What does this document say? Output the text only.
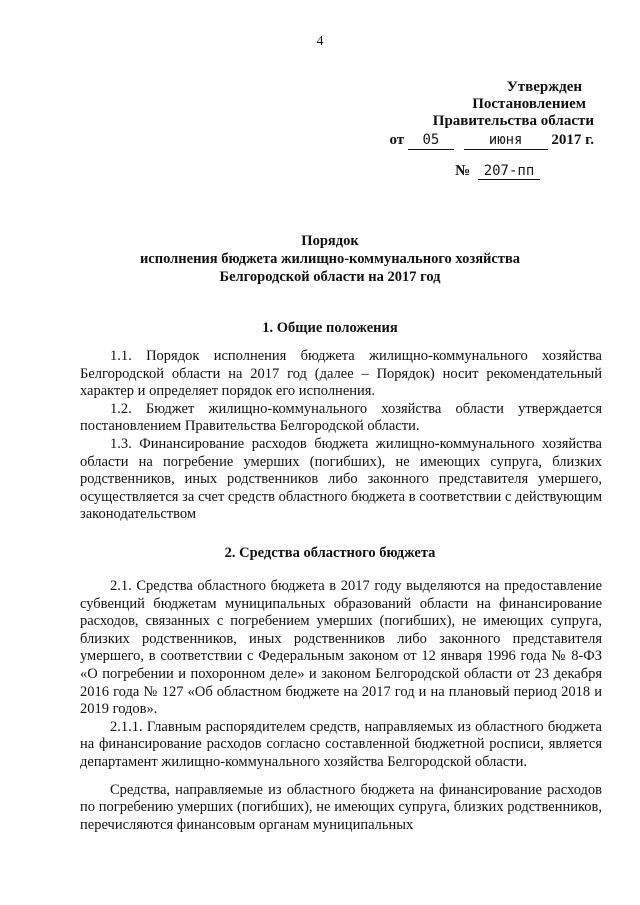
4
Утвержден
Постановлением
Правительства области
от 05	июня 2017 г.
№ 207-пп
Порядок
исполнения бюджета жилищно-коммунального хозяйства
Белгородской области на 2017 год
1. Общие положения

1.1. Порядок исполнения бюджета жилищно-коммунального хозяйства Белгородской области на 2017 год (далее – Порядок) носит рекомендательный характер и определяет порядок его исполнения.

1.2. Бюджет жилищно-коммунального хозяйства области утверждается постановлением Правительства Белгородской области.

1.3. Финансирование расходов бюджета жилищно-коммунального хозяйства области на погребение умерших (погибших), не имеющих супруга, близких родственников, иных родственников либо законного представителя умершего, осуществляется за счет средств областного бюджета в соответствии с действующим законодательством

2. Средства областного бюджета

2.1. Средства областного бюджета в 2017 году выделяются на предоставление субвенций бюджетам муниципальных образований области на финансирование расходов, связанных с погребением умерших (погибших), не имеющих супруга, близких родственников, иных родственников либо законного представителя умершего, в соответствии с Федеральным законом от 12 января 1996 года № 8-ФЗ «О погребении и похоронном деле» и законом Белгородской области от 23 декабря 2016 года № 127 «Об областном бюджете на 2017 год и на плановый период 2018 и 2019 годов».

2.1.1. Главным распорядителем средств, направляемых из областного бюджета на финансирование расходов согласно составленной бюджетной росписи, является департамент жилищно-коммунального хозяйства Белгородской области.

Средства, направляемые из областного бюджета на финансирование расходов по погребению умерших (погибших), не имеющих супруга, близких родственников, перечисляются финансовым органам муниципальных
